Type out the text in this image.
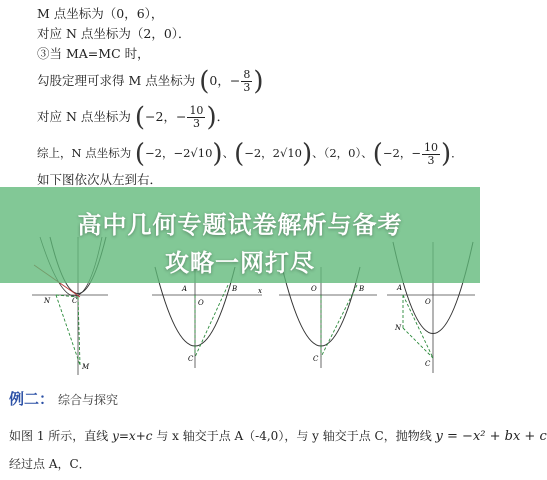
M 点坐标为（0，6），
对应 N 点坐标为（2，0）．
③当 MA=MC 时，
勾股定理可求得 M 点坐标为 (0，− $\frac{8}{3}$ )
对应 N 点坐标为 (−2，− $\frac{10}{3}$ )．
综上，N 点坐标为 (−2，−2√10)、(−2，2√10)、（2，0）、(−2，− $\frac{10}{3}$ )．
如下图依次从左到右．
N	C
M
A
O
B
C
x	O	B
C
A
O
N
C
高中几何专题试卷解析与备考
攻略一网打尽
例二： 综合与探究
如图 1 所示，直线 y=x+c 与 x 轴交于点 A（-4,0），与 y 轴交于点 C，抛物线 y = −x² + bx + c
经过点 A，C．
